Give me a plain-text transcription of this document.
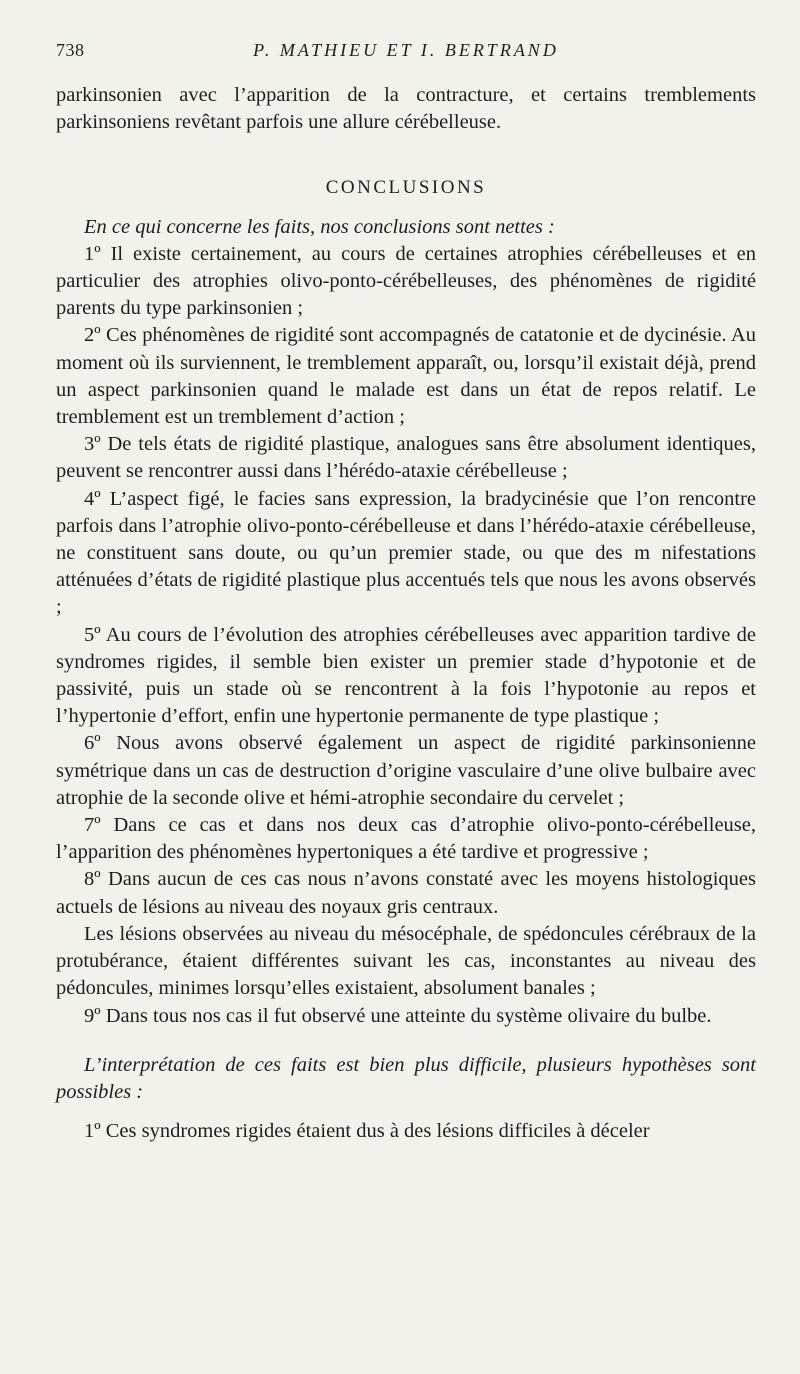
738	P. MATHIEU ET I. BERTRAND

parkinsonien avec l’apparition de la contracture, et certains tremblements parkinsoniens revêtant parfois une allure cérébelleuse.

CONCLUSIONS

En ce qui concerne les faits, nos conclusions sont nettes :

1º Il existe certainement, au cours de certaines atrophies cérébelleuses et en particulier des atrophies olivo-ponto-cérébelleuses, des phénomènes de rigidité parents du type parkinsonien ;

2º Ces phénomènes de rigidité sont accompagnés de catatonie et de dycinésie. Au moment où ils surviennent, le tremblement apparaît, ou, lorsqu’il existait déjà, prend un aspect parkinsonien quand le malade est dans un état de repos relatif. Le tremblement est un tremblement d’action ;

3º De tels états de rigidité plastique, analogues sans être absolument identiques, peuvent se rencontrer aussi dans l’hérédo-ataxie cérébelleuse ;

4º L’aspect figé, le facies sans expression, la bradycinésie que l’on rencontre parfois dans l’atrophie olivo-ponto-cérébelleuse et dans l’hérédo-ataxie cérébelleuse, ne constituent sans doute, ou qu’un premier stade, ou que des m nifestations atténuées d’états de rigidité plastique plus accentués tels que nous les avons observés ;

5º Au cours de l’évolution des atrophies cérébelleuses avec apparition tardive de syndromes rigides, il semble bien exister un premier stade d’hypotonie et de passivité, puis un stade où se rencontrent à la fois l’hypotonie au repos et l’hypertonie d’effort, enfin une hypertonie permanente de type plastique ;

6º Nous avons observé également un aspect de rigidité parkinsonienne symétrique dans un cas de destruction d’origine vasculaire d’une olive bulbaire avec atrophie de la seconde olive et hémi-atrophie secondaire du cervelet ;

7º Dans ce cas et dans nos deux cas d’atrophie olivo-ponto-cérébelleuse, l’apparition des phénomènes hypertoniques a été tardive et progressive ;

8º Dans aucun de ces cas nous n’avons constaté avec les moyens histologiques actuels de lésions au niveau des noyaux gris centraux.

Les lésions observées au niveau du mésocéphale, de spédoncules cérébraux de la protubérance, étaient différentes suivant les cas, inconstantes au niveau des pédoncules, minimes lorsqu’elles existaient, absolument banales ;

9º Dans tous nos cas il fut observé une atteinte du système olivaire du bulbe.

L’interprétation de ces faits est bien plus difficile, plusieurs hypothèses sont possibles :

1º Ces syndromes rigides étaient dus à des lésions difficiles à déceler
